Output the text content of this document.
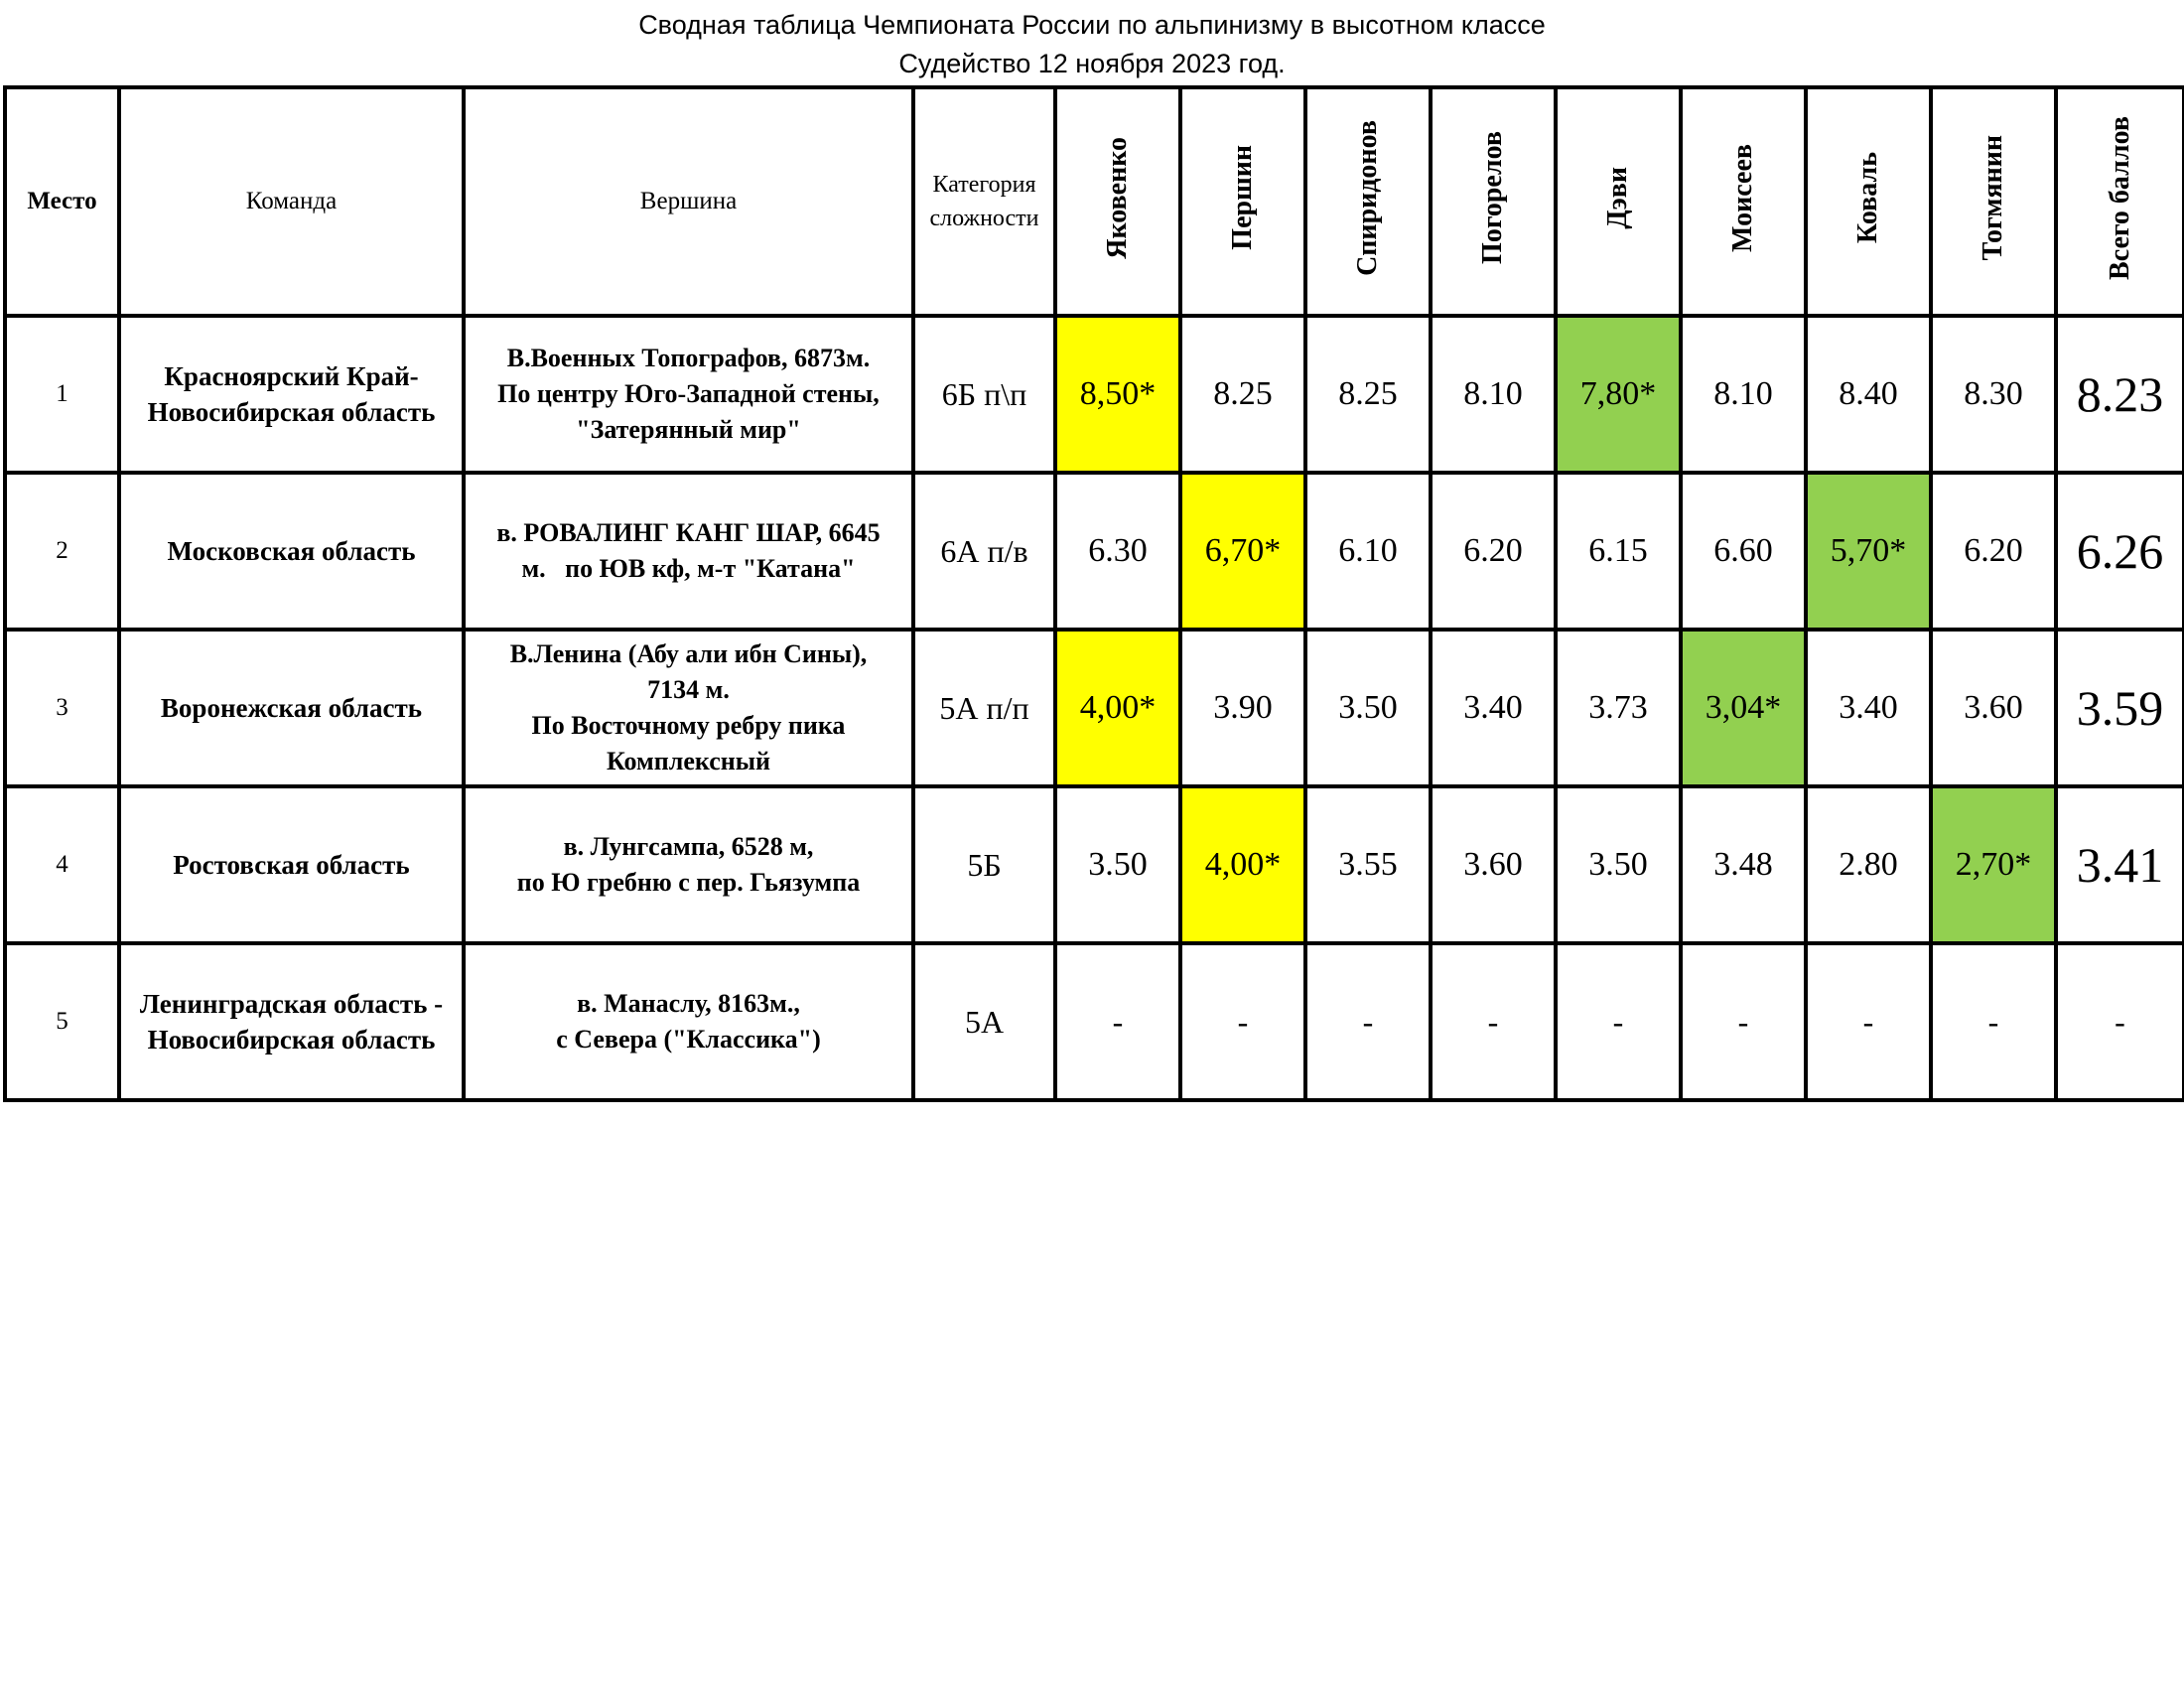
Сводная таблица Чемпионата России по альпинизму в высотном классе
Судейство 12 ноября 2023 год.
Место	Команда	Вершина	Категория
сложности	Яковенко	Першин	Спиридонов	Погорелов	Дэви	Моисеев	Коваль	Тогмянин	Всего баллов
1	Красноярский Край-
Новосибирская область	В.Военных Топографов, 6873м.
По центру Юго-Западной стены,
"Затерянный мир"	6Б п\п	8,50*	8.25	8.25	8.10	7,80*	8.10	8.40	8.30	8.23
2	Московская область	в. РОВАЛИНГ КАНГ ШАР, 6645
м.   по ЮВ кф, м-т "Катана"	6А п/в	6.30	6,70*	6.10	6.20	6.15	6.60	5,70*	6.20	6.26
3	Воронежская область	В.Ленина (Абу али ибн Сины),
7134 м.
По Восточному ребру пика
Комплексный	5А п/п	4,00*	3.90	3.50	3.40	3.73	3,04*	3.40	3.60	3.59
4	Ростовская область	в. Лунгсампа, 6528 м,
по Ю гребню с пер. Гьязумпа	5Б	3.50	4,00*	3.55	3.60	3.50	3.48	2.80	2,70*	3.41
5	Ленинградская область -
Новосибирская область	в. Манаслу, 8163м.,
с Севера ("Классика")	5А	-	-	-	-	-	-	-	-	-
